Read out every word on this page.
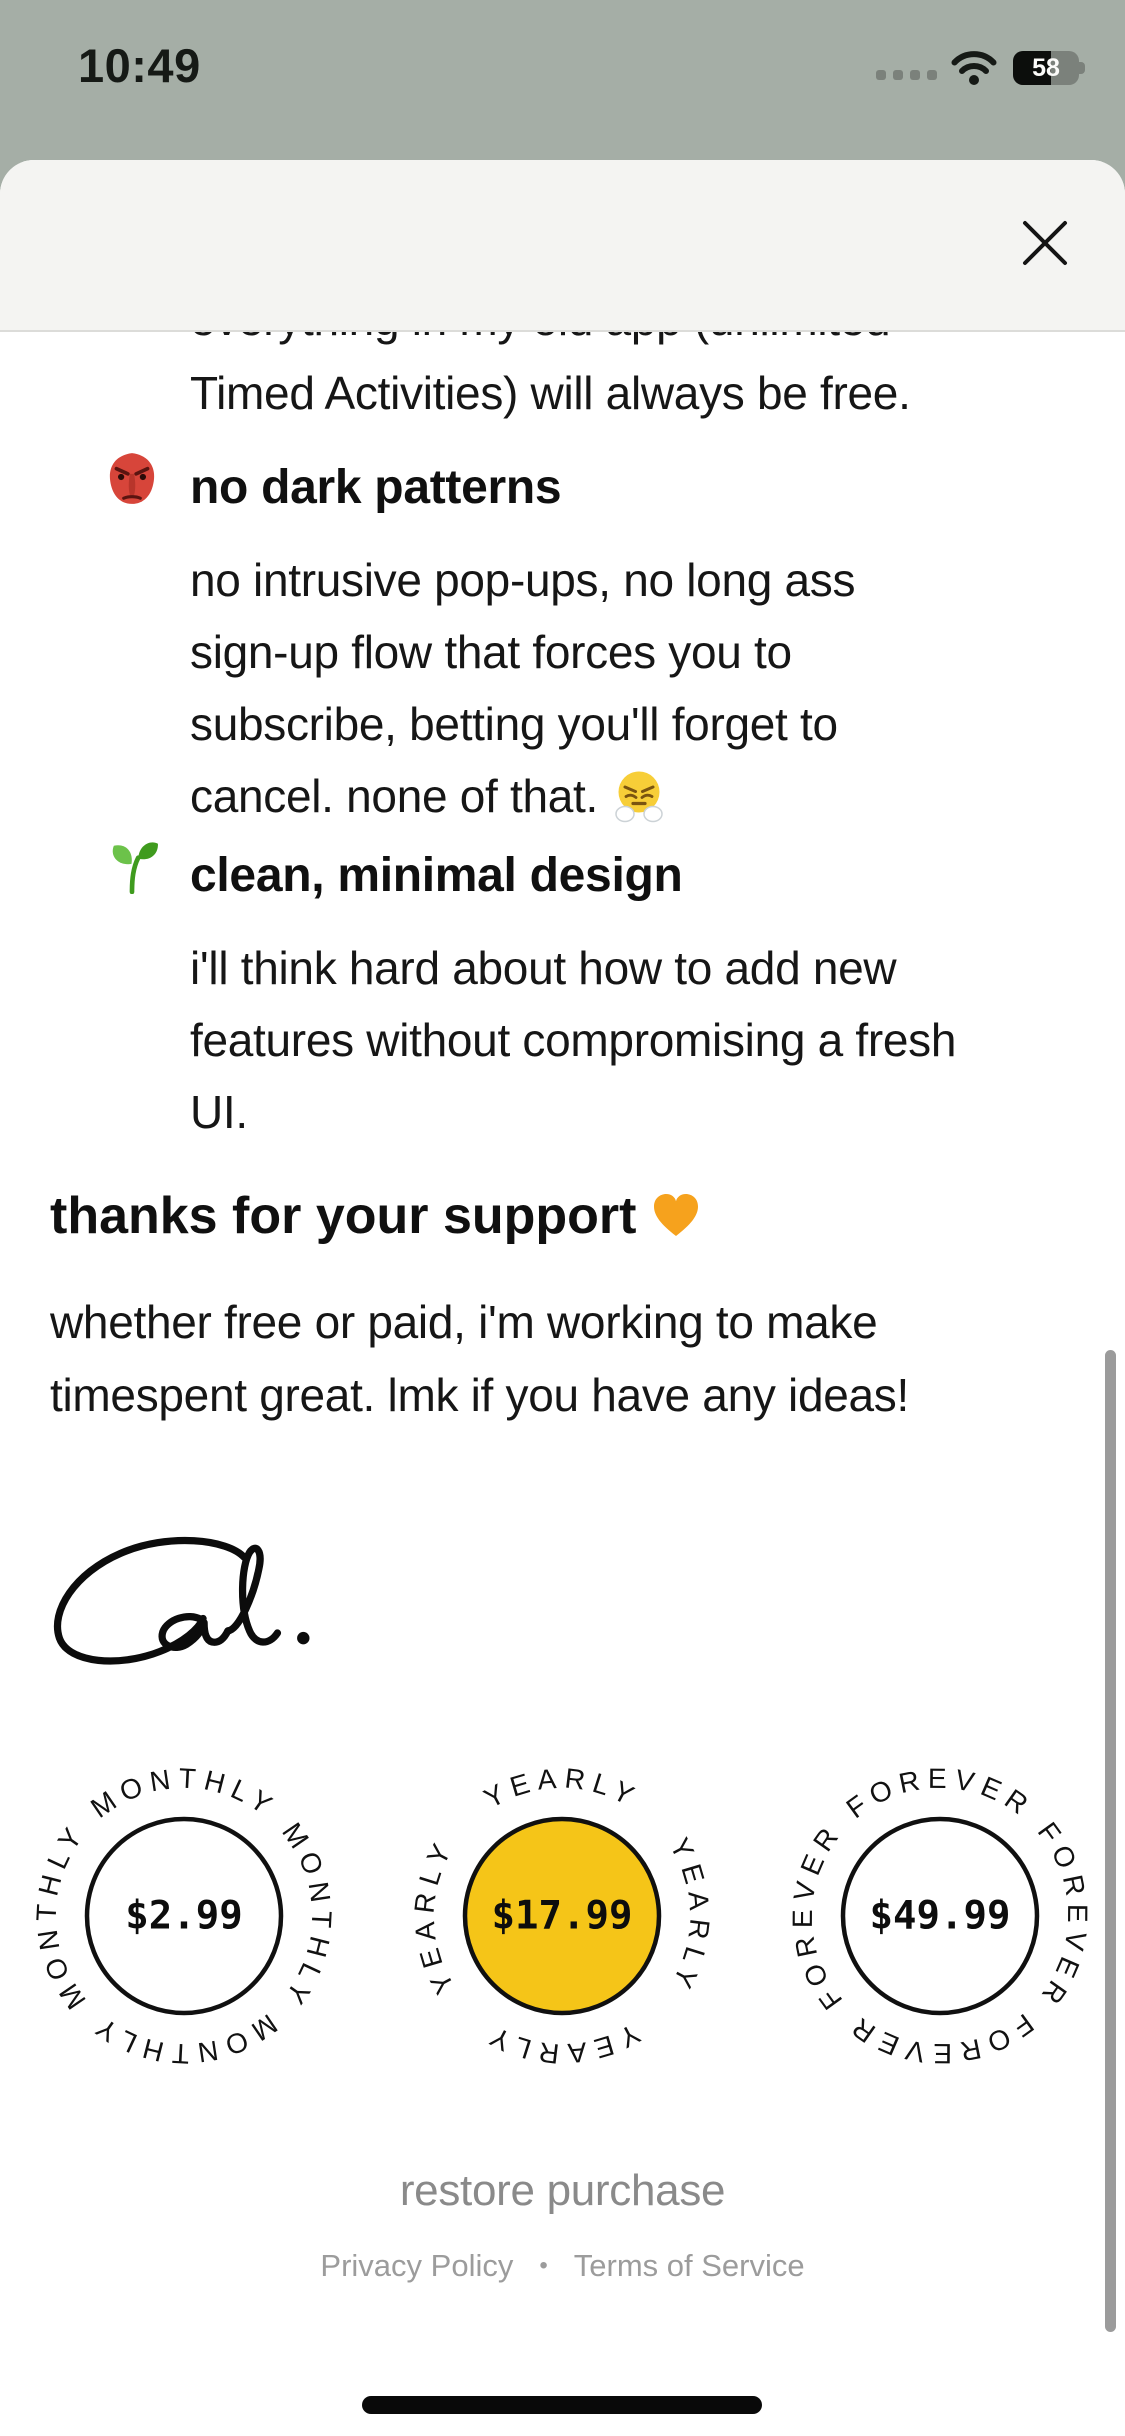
10:49	58

Timed Activities) will always be free.
no dark patterns
no intrusive pop-ups, no long ass
sign-up flow that forces you to
subscribe, betting you'll forget to
cancel. none of that.
clean, minimal design
i'll think hard about how to add new
features without compromising a fresh
UI.
thanks for your support
whether free or paid, i'm working to make
timespent great. lmk if you have any ideas!
MONTHLY
MONTHLY
MONTHLY
MONTHLY
$2.99
YEARLY
YEARLY
YEARLY
YEARLY
$17.99
FOREVER
FOREVER
FOREVER
FOREVER
$49.99
restore purchase
Privacy Policy • Terms of Service
